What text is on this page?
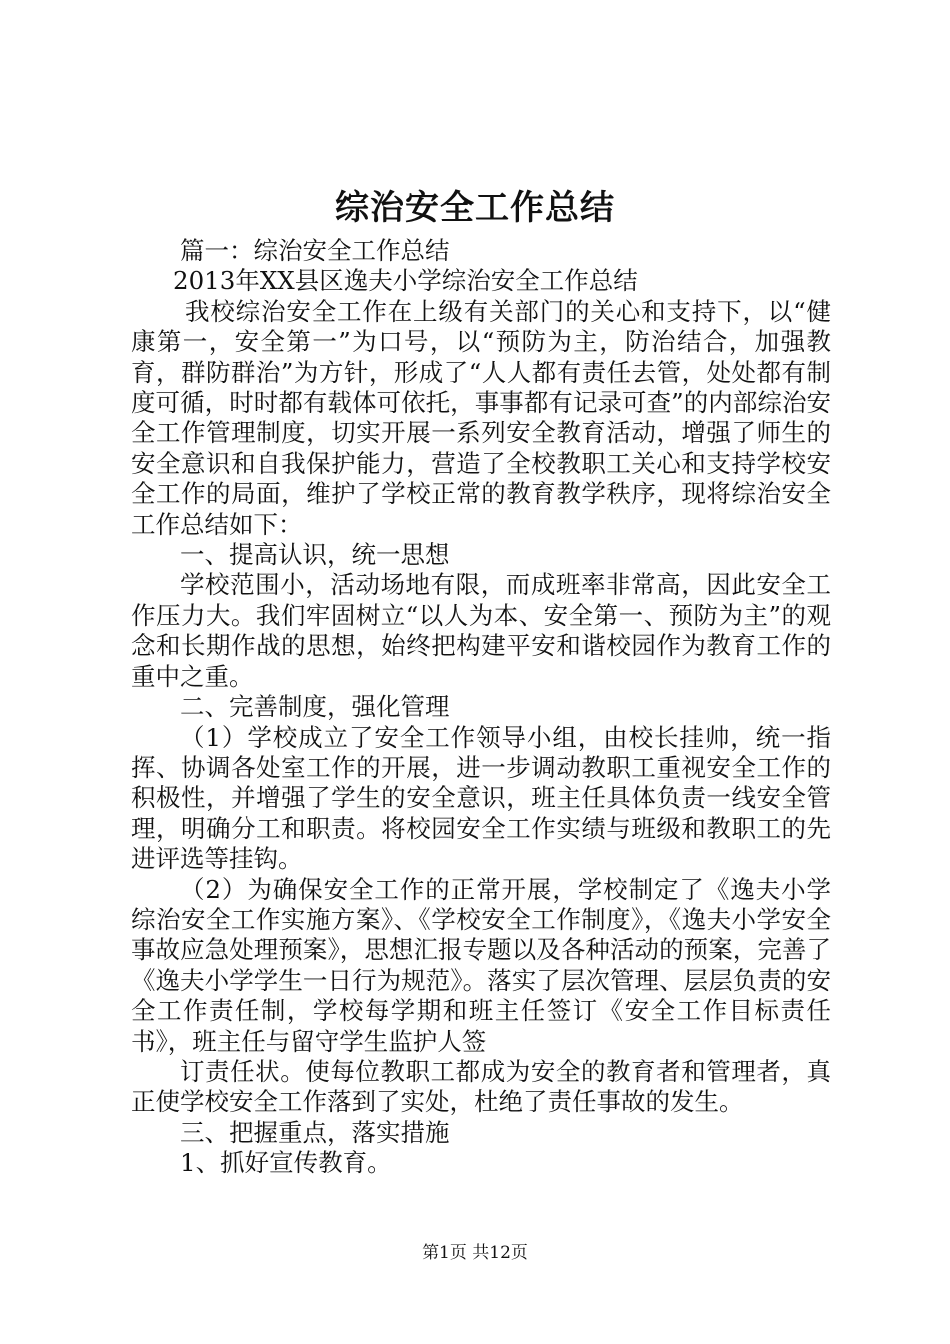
综治安全工作总结

篇一：综治安全工作总结

2013年XX县区逸夫小学综治安全工作总结

我校综治安全工作在上级有关部门的关心和支持下，以“健康第一，安全第一”为口号，以“预防为主，防治结合，加强教育，群防群治”为方针，形成了“人人都有责任去管，处处都有制度可循，时时都有载体可依托，事事都有记录可查”的内部综治安全工作管理制度，切实开展一系列安全教育活动，增强了师生的安全意识和自我保护能力，营造了全校教职工关心和支持学校安全工作的局面，维护了学校正常的教育教学秩序，现将综治安全工作总结如下：

一、提高认识，统一思想

学校范围小，活动场地有限，而成班率非常高，因此安全工作压力大。我们牢固树立“以人为本、安全第一、预防为主”的观念和长期作战的思想，始终把构建平安和谐校园作为教育工作的重中之重。

二、完善制度，强化管理

（1）学校成立了安全工作领导小组，由校长挂帅，统一指挥、协调各处室工作的开展，进一步调动教职工重视安全工作的积极性，并增强了学生的安全意识，班主任具体负责一线安全管理，明确分工和职责。将校园安全工作实绩与班级和教职工的先进评选等挂钩。

（2）为确保安全工作的正常开展，学校制定了《逸夫小学综治安全工作实施方案》、《学校安全工作制度》，《逸夫小学安全事故应急处理预案》，思想汇报专题以及各种活动的预案，完善了《逸夫小学学生一日行为规范》。落实了层次管理、层层负责的安全工作责任制，学校每学期和班主任签订《安全工作目标责任书》，班主任与留守学生监护人签

订责任状。使每位教职工都成为安全的教育者和管理者，真正使学校安全工作落到了实处，杜绝了责任事故的发生。

三、把握重点，落实措施

1、抓好宣传教育。

第1页 共12页
